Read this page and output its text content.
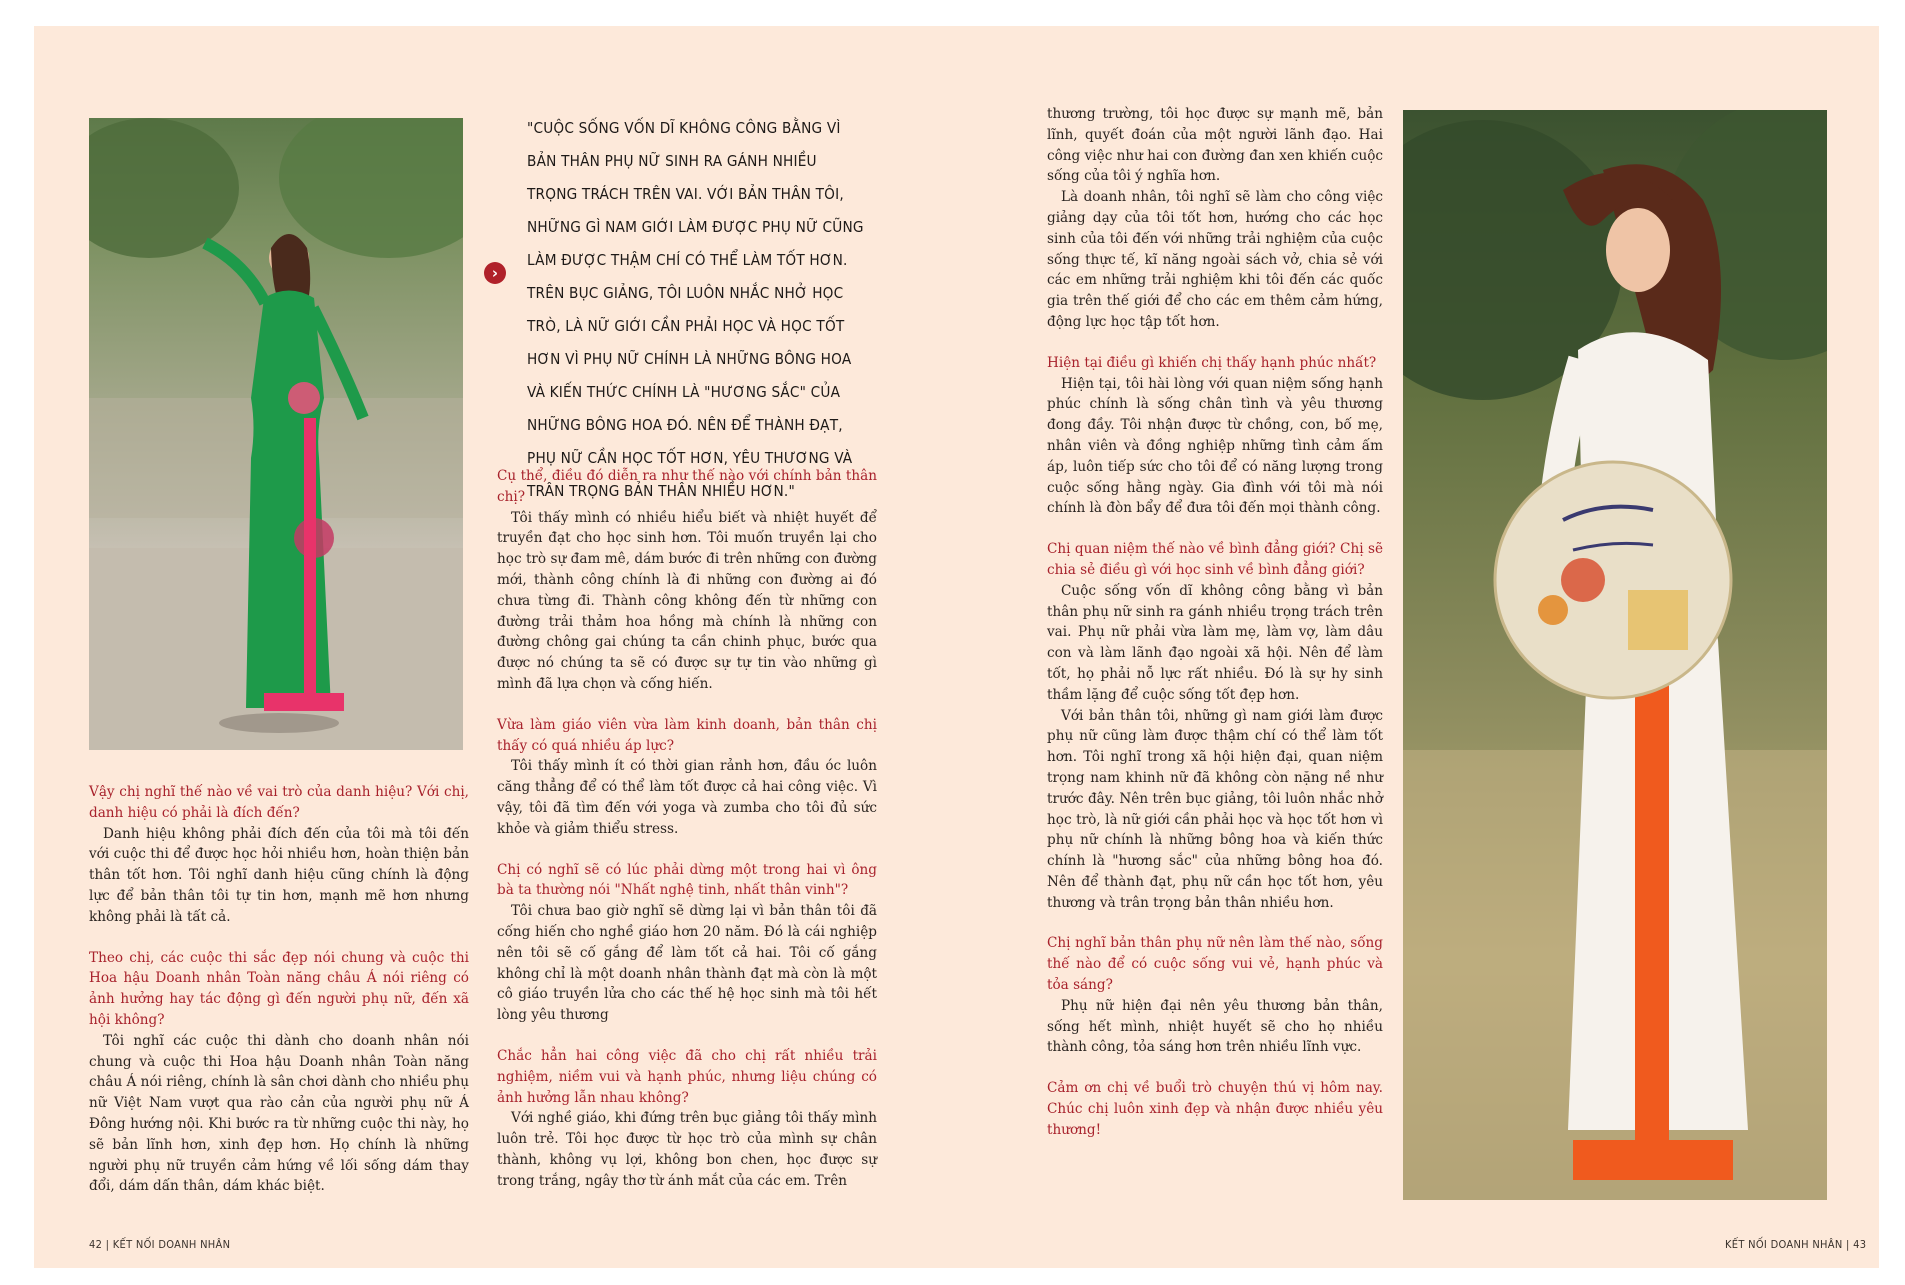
›
"CUỘC SỐNG VỐN DĨ KHÔNG CÔNG BẰNG VÌ BẢN THÂN PHỤ NỮ SINH RA GÁNH NHIỀU TRỌNG TRÁCH TRÊN VAI. VỚI BẢN THÂN TÔI, NHỮNG GÌ NAM GIỚI LÀM ĐƯỢC PHỤ NỮ CŨNG LÀM ĐƯỢC THẬM CHÍ CÓ THỂ LÀM TỐT HƠN. TRÊN BỤC GIẢNG, TÔI LUÔN NHẮC NHỞ HỌC TRÒ, LÀ NỮ GIỚI CẦN PHẢI HỌC VÀ HỌC TỐT HƠN VÌ PHỤ NỮ CHÍNH LÀ NHỮNG BÔNG HOA VÀ KIẾN THỨC CHÍNH LÀ "HƯƠNG SẮC" CỦA NHỮNG BÔNG HOA ĐÓ. NÊN ĐỂ THÀNH ĐẠT, PHỤ NỮ CẦN HỌC TỐT HƠN, YÊU THƯƠNG VÀ TRÂN TRỌNG BẢN THÂN NHIỀU HƠN."

Vậy chị nghĩ thế nào về vai trò của danh hiệu? Với chị, danh hiệu có phải là đích đến?

Danh hiệu không phải đích đến của tôi mà tôi đến với cuộc thi để được học hỏi nhiều hơn, hoàn thiện bản thân tốt hơn. Tôi nghĩ danh hiệu cũng chính là động lực để bản thân tôi tự tin hơn, mạnh mẽ hơn nhưng không phải là tất cả.

Theo chị, các cuộc thi sắc đẹp nói chung và cuộc thi Hoa hậu Doanh nhân Toàn năng châu Á nói riêng có ảnh hưởng hay tác động gì đến người phụ nữ, đến xã hội không?

Tôi nghĩ các cuộc thi dành cho doanh nhân nói chung và cuộc thi Hoa hậu Doanh nhân Toàn năng châu Á nói riêng, chính là sân chơi dành cho nhiều phụ nữ Việt Nam vượt qua rào cản của người phụ nữ Á Đông hướng nội. Khi bước ra từ những cuộc thi này, họ sẽ bản lĩnh hơn, xinh đẹp hơn. Họ chính là những người phụ nữ truyền cảm hứng về lối sống dám thay đổi, dám dấn thân, dám khác biệt.

Cụ thể, điều đó diễn ra như thế nào với chính bản thân chị?

Tôi thấy mình có nhiều hiểu biết và nhiệt huyết để truyền đạt cho học sinh hơn. Tôi muốn truyền lại cho học trò sự đam mê, dám bước đi trên những con đường mới, thành công chính là đi những con đường ai đó chưa từng đi. Thành công không đến từ những con đường trải thảm hoa hồng mà chính là những con đường chông gai chúng ta cần chinh phục, bước qua được nó chúng ta sẽ có được sự tự tin vào những gì mình đã lựa chọn và cống hiến.

Vừa làm giáo viên vừa làm kinh doanh, bản thân chị thấy có quá nhiều áp lực?

Tôi thấy mình ít có thời gian rảnh hơn, đầu óc luôn căng thẳng để có thể làm tốt được cả hai công việc. Vì vậy, tôi đã tìm đến với yoga và zumba cho tôi đủ sức khỏe và giảm thiểu stress.

Chị có nghĩ sẽ có lúc phải dừng một trong hai vì ông bà ta thường nói "Nhất nghệ tinh, nhất thân vinh"?

Tôi chưa bao giờ nghĩ sẽ dừng lại vì bản thân tôi đã cống hiến cho nghề giáo hơn 20 năm. Đó là cái nghiệp nên tôi sẽ cố gắng để làm tốt cả hai. Tôi cố gắng không chỉ là một doanh nhân thành đạt mà còn là một cô giáo truyền lửa cho các thế hệ học sinh mà tôi hết lòng yêu thương

Chắc hẳn hai công việc đã cho chị rất nhiều trải nghiệm, niềm vui và hạnh phúc, nhưng liệu chúng có ảnh hưởng lẫn nhau không?

Với nghề giáo, khi đứng trên bục giảng tôi thấy mình luôn trẻ. Tôi học được từ học trò của mình sự chân thành, không vụ lợi, không bon chen, học được sự trong trắng, ngây thơ từ ánh mắt của các em. Trên

thương trường, tôi học được sự mạnh mẽ, bản lĩnh, quyết đoán của một người lãnh đạo. Hai công việc như hai con đường đan xen khiến cuộc sống của tôi ý nghĩa hơn.

Là doanh nhân, tôi nghĩ sẽ làm cho công việc giảng dạy của tôi tốt hơn, hướng cho các học sinh của tôi đến với những trải nghiệm của cuộc sống thực tế, kĩ năng ngoài sách vở, chia sẻ với các em những trải nghiệm khi tôi đến các quốc gia trên thế giới để cho các em thêm cảm hứng, động lực học tập tốt hơn.

Hiện tại điều gì khiến chị thấy hạnh phúc nhất?

Hiện tại, tôi hài lòng với quan niệm sống hạnh phúc chính là sống chân tình và yêu thương đong đầy. Tôi nhận được từ chồng, con, bố mẹ, nhân viên và đồng nghiệp những tình cảm ấm áp, luôn tiếp sức cho tôi để có năng lượng trong cuộc sống hằng ngày. Gia đình với tôi mà nói chính là đòn bẩy để đưa tôi đến mọi thành công.

Chị quan niệm thế nào về bình đẳng giới? Chị sẽ chia sẻ điều gì với học sinh về bình đẳng giới?

Cuộc sống vốn dĩ không công bằng vì bản thân phụ nữ sinh ra gánh nhiều trọng trách trên vai. Phụ nữ phải vừa làm mẹ, làm vợ, làm dâu con và làm lãnh đạo ngoài xã hội. Nên để làm tốt, họ phải nỗ lực rất nhiều. Đó là sự hy sinh thầm lặng để cuộc sống tốt đẹp hơn.

Với bản thân tôi, những gì nam giới làm được phụ nữ cũng làm được thậm chí có thể làm tốt hơn. Tôi nghĩ trong xã hội hiện đại, quan niệm trọng nam khinh nữ đã không còn nặng nề như trước đây. Nên trên bục giảng, tôi luôn nhắc nhở học trò, là nữ giới cần phải học và học tốt hơn vì phụ nữ chính là những bông hoa và kiến thức chính là "hương sắc" của những bông hoa đó. Nên để thành đạt, phụ nữ cần học tốt hơn, yêu thương và trân trọng bản thân nhiều hơn.

Chị nghĩ bản thân phụ nữ nên làm thế nào, sống thế nào để có cuộc sống vui vẻ, hạnh phúc và tỏa sáng?

Phụ nữ hiện đại nên yêu thương bản thân, sống hết mình, nhiệt huyết sẽ cho họ nhiều thành công, tỏa sáng hơn trên nhiều lĩnh vực.

Cảm ơn chị về buổi trò chuyện thú vị hôm nay. Chúc chị luôn xinh đẹp và nhận được nhiều yêu thương!

42 | KẾT NỐI DOANH NHÂN	KẾT NỐI DOANH NHÂN | 43
